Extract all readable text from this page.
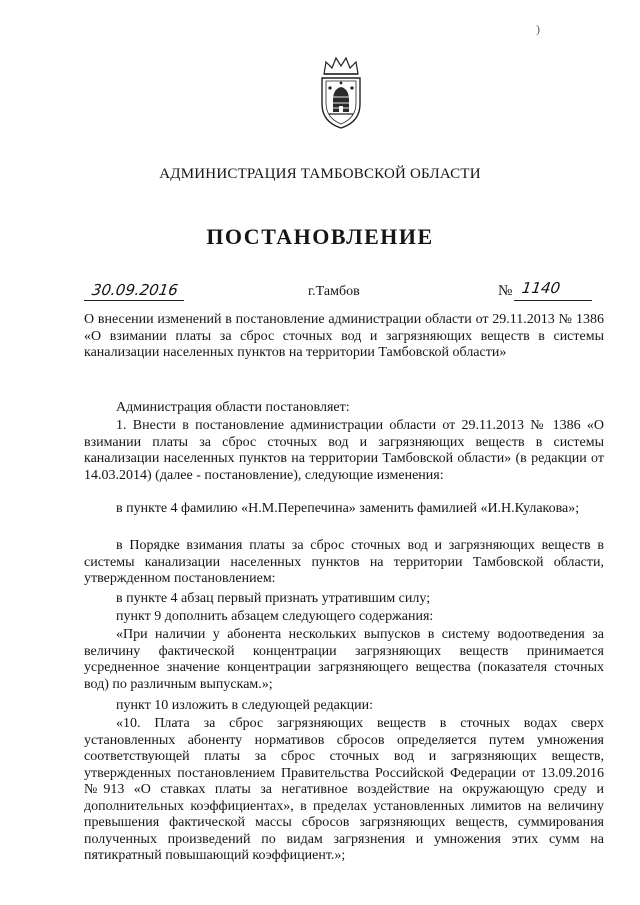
)
АДМИНИСТРАЦИЯ ТАМБОВСКОЙ ОБЛАСТИ
ПОСТАНОВЛЕНИЕ
30.09.2016	г.Тамбов	№ 1140
О внесении изменений в постановление администрации области от 29.11.2013 № 1386 «О взимании платы за сброс сточных вод и загрязняющих веществ в системы канализации населенных пунктов на территории Тамбовской области»
Администрация области постановляет:
1. Внести в постановление администрации области от 29.11.2013 № 1386 «О взимании платы за сброс сточных вод и загрязняющих веществ в системы канализации населенных пунктов на территории Тамбовской области» (в редакции от 14.03.2014) (далее - постановление), следующие изменения:
в пункте 4 фамилию «Н.М.Перепечина» заменить фамилией «И.Н.Кулакова»;
в Порядке взимания платы за сброс сточных вод и загрязняющих веществ в системы канализации населенных пунктов на территории Тамбовской области, утвержденном постановлением:
в пункте 4 абзац первый признать утратившим силу;
пункт 9 дополнить абзацем следующего содержания:
«При наличии у абонента нескольких выпусков в систему водоотведения за величину фактической концентрации загрязняющих веществ принимается усредненное значение концентрации загрязняющего вещества (показателя сточных вод) по различным выпускам.»;
пункт 10 изложить в следующей редакции:
«10. Плата за сброс загрязняющих веществ в сточных водах сверх установленных абоненту нормативов сбросов определяется путем умножения соответствующей платы за сброс сточных вод и загрязняющих веществ, утвержденных постановлением Правительства Российской Федерации от 13.09.2016 №913 «О ставках платы за негативное воздействие на окружающую среду и дополнительных коэффициентах», в пределах установленных лимитов на величину превышения фактической массы сбросов загрязняющих веществ, суммирования полученных произведений по видам загрязнения и умножения этих сумм на пятикратный повышающий коэффициент.»;
